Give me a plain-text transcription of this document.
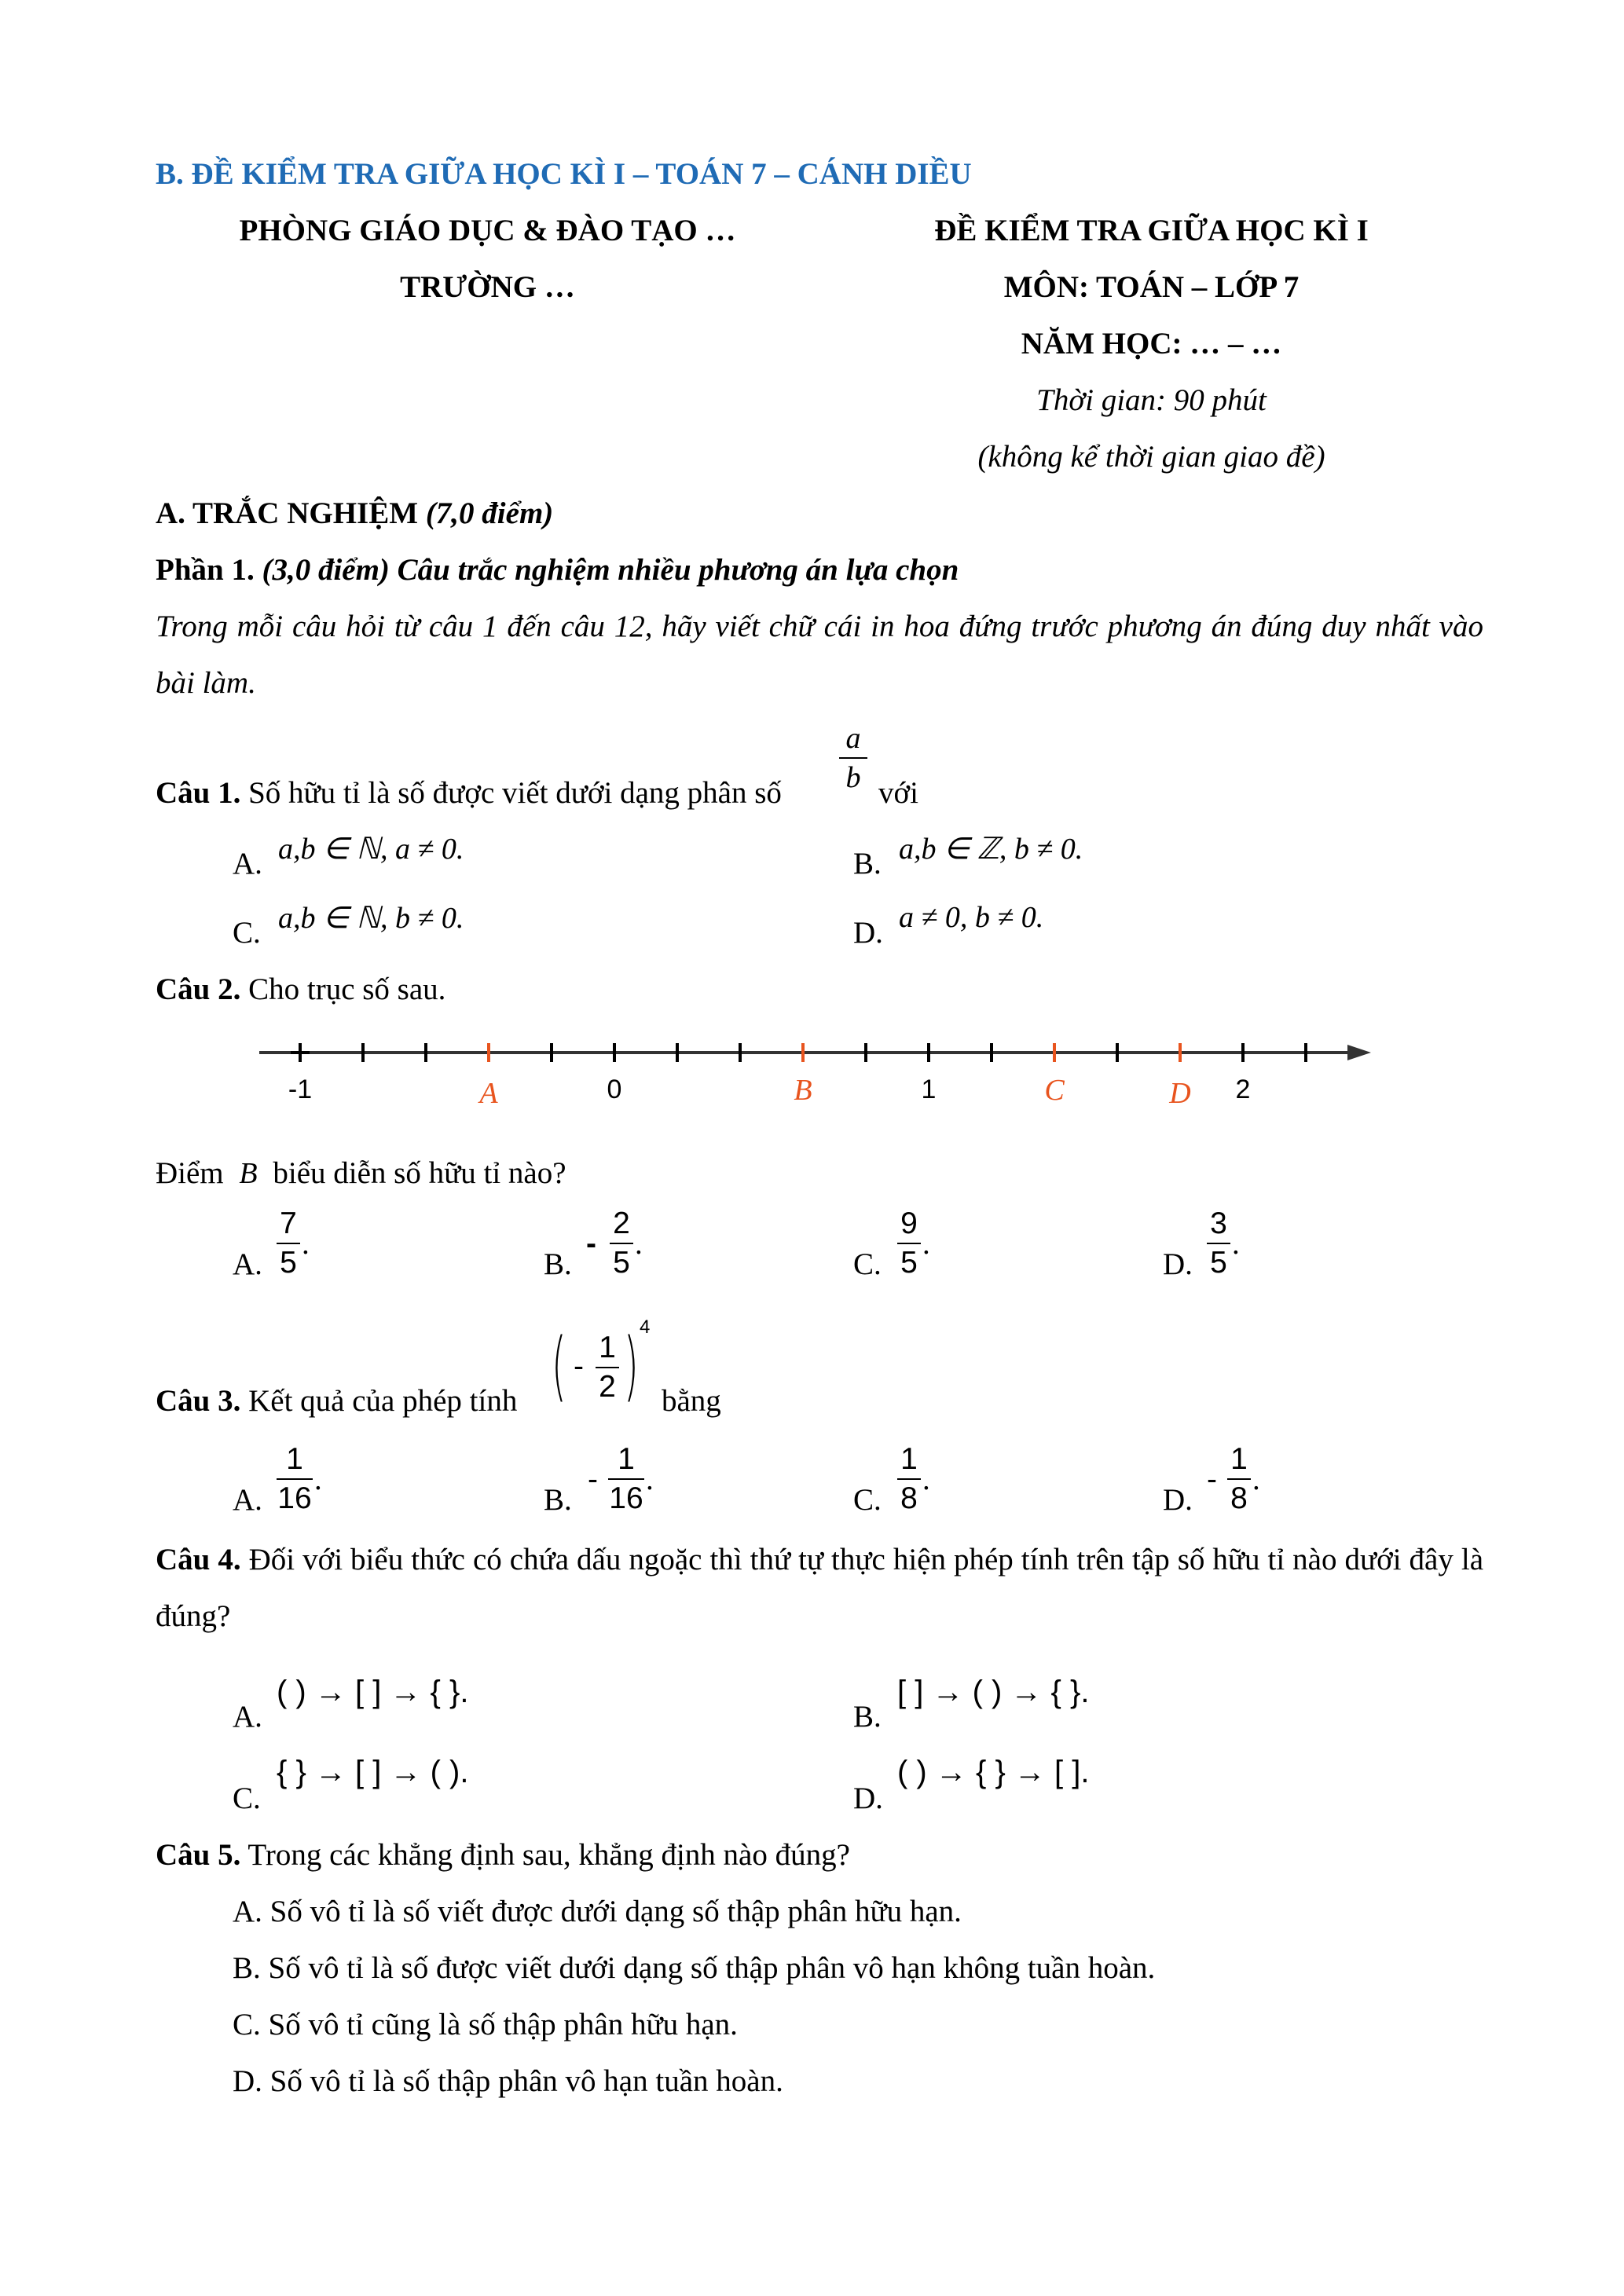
B. ĐỀ KIỂM TRA GIỮA HỌC KÌ I – TOÁN 7 – CÁNH DIỀU
PHÒNG GIÁO DỤC & ĐÀO TẠO …
TRƯỜNG …
ĐỀ KIỂM TRA GIỮA HỌC KÌ I
MÔN: TOÁN – LỚP 7
NĂM HỌC: … – …
Thời gian: 90 phút
(không kể thời gian giao đề)
A. TRẮC NGHIỆM (7,0 điểm)
Phần 1. (3,0 điểm) Câu trắc nghiệm nhiều phương án lựa chọn
Trong mỗi câu hỏi từ câu 1 đến câu 12, hãy viết chữ cái in hoa đứng trước phương án đúng duy nhất vào bài làm.
Câu 1. Số hữu tỉ là số được viết dưới dạng phân số
a
b với
A. a,b ∈ ℕ, a ≠ 0.	B. a,b ∈ ℤ, b ≠ 0.
C. a,b ∈ ℕ, b ≠ 0.	D. a ≠ 0, b ≠ 0.
Câu 2. Cho trục số sau.
-1	0	1	2
A	B	C	D
Điểm B biểu diễn số hữu tỉ nào?
A.
7
5
.
B.
-
2
5
.
C.
9
5
.
D.
3
5
.
Câu 3. Kết quả của phép tính ( -
1
2 ) 4
bằng
A.
1
16
.
B.
-
1
16
.
C.
1
8
.
D.
-
1
8
.
Câu 4. Đối với biểu thức có chứa dấu ngoặc thì thứ tự thực hiện phép tính trên tập số hữu tỉ nào dưới đây là đúng?
A.
( ) → [ ] → { }.
B.
[ ] → ( ) → { }.
C.
{ } → [ ] → ( ).
D.
( ) → { } → [ ].
Câu 5. Trong các khẳng định sau, khẳng định nào đúng?
A. Số vô tỉ là số viết được dưới dạng số thập phân hữu hạn.
B. Số vô tỉ là số được viết dưới dạng số thập phân vô hạn không tuần hoàn.
C. Số vô tỉ cũng là số thập phân hữu hạn.
D. Số vô tỉ là số thập phân vô hạn tuần hoàn.
